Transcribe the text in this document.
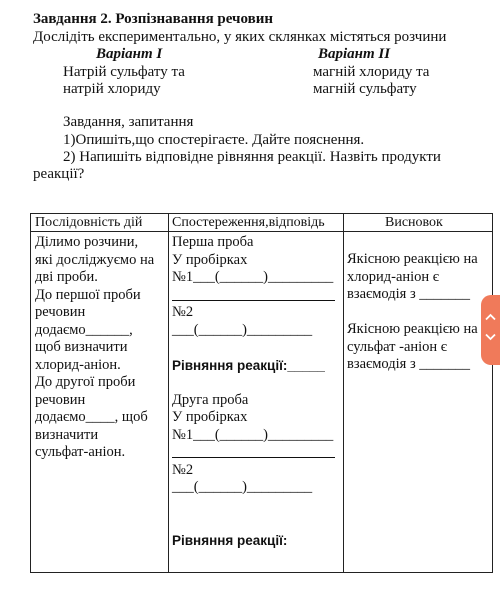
Завдання 2. Розпізнавання речовин
Дослідіть експериментально, у яких склянках містяться розчини
Варіант І	Варіант ІІ
Натрій сульфату та
натрій хлориду
магній хлориду та
магній сульфату
Завдання, запитання
1)Опишіть,що спостерігаєте. Дайте пояснення.
2) Напишіть відповідне рівняння реакції. Назвіть продукти
реакції?
Послідовність дій Спостереження,відповідь	Висновок
Ділимо розчини,
які досліджуємо на
дві проби.
До першої проби
речовин
додаємо______,
щоб визначити
хлорид-аніон.
До другої проби
речовин
додаємо____, щоб
визначити
сульфат-аніон.
Перша проба
У пробірках
№1___(______)_________
№2
___(______)_________
Рівняння реакції:_____
Друга проба
У пробірках
№1___(______)_________
№2
___(______)_________
Рівняння реакції:
Якісною реакцією на
хлорид-аніон є
взаємодія з _______
Якісною реакцією на
сульфат -аніон є
взаємодія з _______
